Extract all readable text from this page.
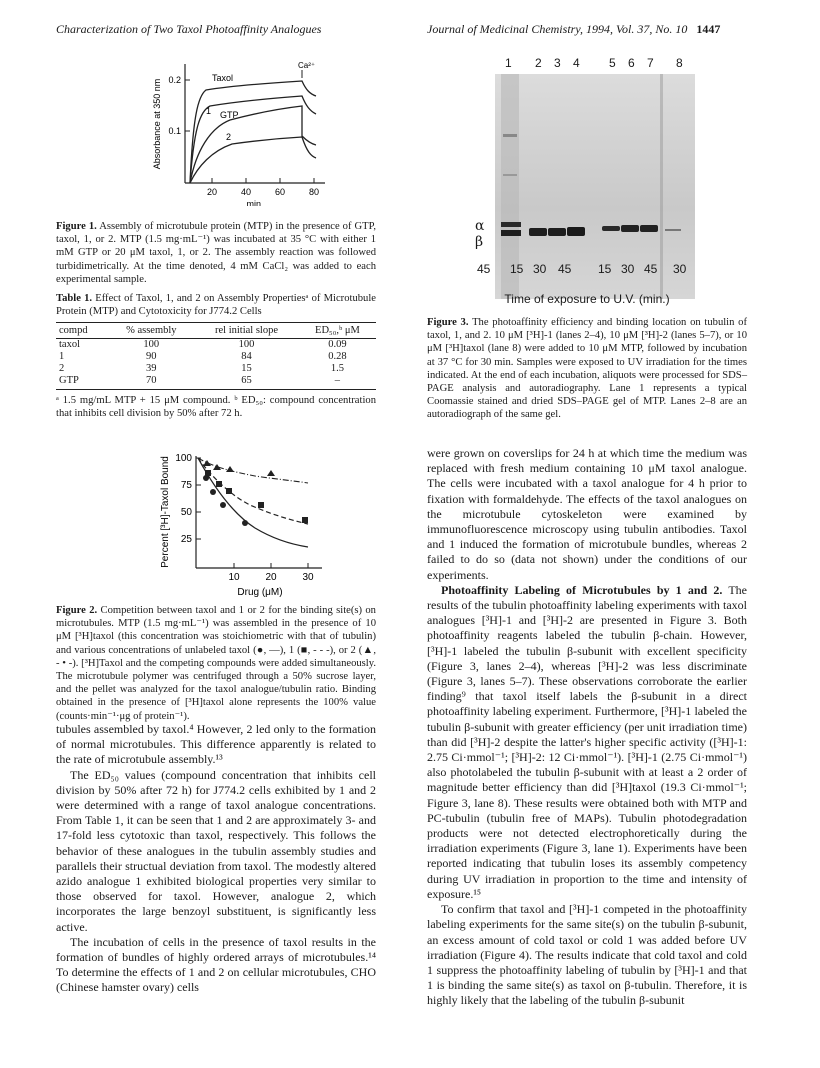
Characterization of Two Taxol Photoaffinity Analogues	Journal of Medicinal Chemistry, 1994, Vol. 37, No. 10 1447
0.2
0.1
20	40	60	80
Ca²⁺
Taxol
GTP
1
2
Absorbance at 350 nm
min.
Figure 1. Assembly of microtubule protein (MTP) in the presence of GTP, taxol, 1, or 2. MTP (1.5 mg·mL⁻¹) was incubated at 35 °C with either 1 mM GTP or 20 μM taxol, 1, or 2. The assembly reaction was followed turbidimetrically. At the time denoted, 4 mM CaCl₂ was added to each experimental sample.
Table 1. Effect of Taxol, 1, and 2 on Assembly Propertiesᵃ of Microtubule Protein (MTP) and Cytotoxicity for J774.2 Cells
compd	% assembly	rel initial slope	ED₅₀,ᵇ μM
taxol	100	100	0.09
1	90	84	0.28
2	39	15	1.5
GTP	70	65	–
ᵃ 1.5 mg/mL MTP + 15 μM compound. ᵇ ED₅₀: compound concentration that inhibits cell division by 50% after 72 h.
100
75
50
25
10	20	30
Percent [³H]-Taxol Bound
Drug (μM)
Figure 2. Competition between taxol and 1 or 2 for the binding site(s) on microtubules. MTP (1.5 mg·mL⁻¹) was assembled in the presence of 10 μM [³H]taxol (this concentration was stoichiometric with that of tubulin) and various concentrations of unlabeled taxol (●, —), 1 (■, - - -), or 2 (▲, - • -). [³H]Taxol and the competing compounds were added simultaneously. The microtubule polymer was centrifuged through a 50% sucrose layer, and the pellet was analyzed for the taxol analogue/tubulin ratio. Binding obtained in the presence of [³H]taxol alone represents the 100% value (counts·min⁻¹·μg of protein⁻¹).

tubules assembled by taxol.⁴ However, 2 led only to the formation of normal microtubules. This difference apparently is related to the rate of microtubule assembly.¹³

The ED₅₀ values (compound concentration that inhibits cell division by 50% after 72 h) for J774.2 cells exhibited by 1 and 2 were determined with a range of taxol analogue concentrations. From Table 1, it can be seen that 1 and 2 are approximately 3- and 17-fold less cytotoxic than taxol, respectively. This follows the behavior of these analogues in the tubulin assembly studies and parallels their structual deviation from taxol. The modestly altered azido analogue 1 exhibited biological properties very similar to those observed for taxol. However, analogue 2, which incorporates the large benzoyl substituent, is significantly less active.

The incubation of cells in the presence of taxol results in the formation of bundles of highly ordered arrays of microtubules.¹⁴ To determine the effects of 1 and 2 on cellular microtubules, CHO (Chinese hamster ovary) cells

1 2 3 4 5 6 7 8
α
β
45 15 30 45 15 30 45 30
Time of exposure to U.V. (min.)
Figure 3. The photoaffinity efficiency and binding location on tubulin of taxol, 1, and 2. 10 μM [³H]-1 (lanes 2–4), 10 μM [³H]-2 (lanes 5–7), or 10 μM [³H]taxol (lane 8) were added to 10 μM MTP, followed by incubation at 37 °C for 30 min. Samples were exposed to UV irradiation for the times indicated. At the end of each incubation, aliquots were processed for SDS–PAGE analysis and autoradiography. Lane 1 represents a typical Coomassie stained and dried SDS–PAGE gel of MTP. Lanes 2–8 are an autoradiograph of the same gel.

were grown on coverslips for 24 h at which time the medium was replaced with fresh medium containing 10 μM taxol analogue. The cells were incubated with a taxol analogue for 4 h prior to fixation with formaldehyde. The effects of the taxol analogues on the microtubule cytoskeleton were examined by immunofluorescence microscopy using tubulin antibodies. Taxol and 1 induced the formation of microtubule bundles, whereas 2 failed to do so (data not shown) under the conditions of our experiments.

Photoaffinity Labeling of Microtubules by 1 and 2. The results of the tubulin photoaffinity labeling experiments with taxol analogues [³H]-1 and [³H]-2 are presented in Figure 3. Both photoaffinity reagents labeled the tubulin β-chain. However, [³H]-1 labeled the tubulin β-subunit with excellent specificity (Figure 3, lanes 2–4), whereas [³H]-2 was less discriminate (Figure 3, lanes 5–7). These observations corroborate the earlier finding⁹ that taxol itself labels the β-subunit in a direct photoaffinity labeling experiment. Furthermore, [³H]-1 labeled the tubulin β-subunit with greater efficiency (per unit irradiation time) than did [³H]-2 despite the latter's higher specific activity ([³H]-1: 2.75 Ci·mmol⁻¹; [³H]-2: 12 Ci·mmol⁻¹). [³H]-1 (2.75 Ci·mmol⁻¹) also photolabeled the tubulin β-subunit with at least a 2 order of magnitude better efficiency than did [³H]taxol (19.3 Ci·mmol⁻¹; Figure 3, lane 8). These results were obtained both with MTP and PC-tubulin (tubulin free of MAPs). Tubulin photodegradation products were not detected electrophoretically during the irradiation experiments (Figure 3, lane 1). Experiments have been reported indicating that tubulin loses its assembly competency during UV irradiation in proportion to the time and intensity of exposure.¹⁵

To confirm that taxol and [³H]-1 competed in the photoaffinity labeling experiments for the same site(s) on the tubulin β-subunit, an excess amount of cold taxol or cold 1 was added before UV irradiation (Figure 4). The results indicate that cold taxol and cold 1 suppress the photoaffinity labeling of tubulin by [³H]-1 and that 1 is binding the same site(s) as taxol on β-tubulin. Therefore, it is highly likely that the labeling of the tubulin β-subunit
